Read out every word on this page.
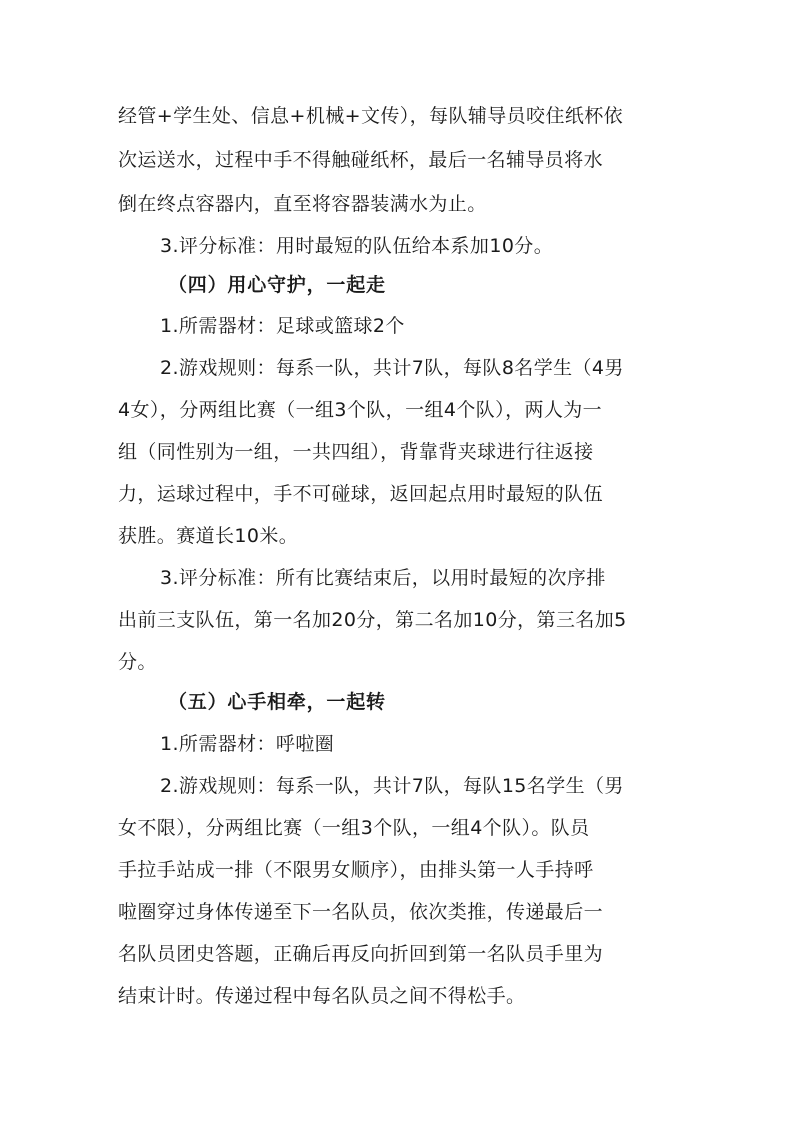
经管+学生处、信息+机械+文传），每队辅导员咬住纸杯依
次运送水，过程中手不得触碰纸杯，最后一名辅导员将水
倒在终点容器内，直至将容器装满水为止。
3.评分标准：用时最短的队伍给本系加10分。
（四）用心守护，一起走
1.所需器材：足球或篮球2个
2.游戏规则：每系一队，共计7队，每队8名学生（4男
4女），分两组比赛（一组3个队，一组4个队），两人为一
组（同性别为一组，一共四组），背靠背夹球进行往返接
力，运球过程中，手不可碰球，返回起点用时最短的队伍
获胜。赛道长10米。
3.评分标准：所有比赛结束后，以用时最短的次序排
出前三支队伍，第一名加20分，第二名加10分，第三名加5
分。
（五）心手相牵，一起转
1.所需器材：呼啦圈
2.游戏规则：每系一队，共计7队，每队15名学生（男
女不限），分两组比赛（一组3个队，一组4个队）。队员
手拉手站成一排（不限男女顺序），由排头第一人手持呼
啦圈穿过身体传递至下一名队员，依次类推，传递最后一
名队员团史答题，正确后再反向折回到第一名队员手里为
结束计时。传递过程中每名队员之间不得松手。
